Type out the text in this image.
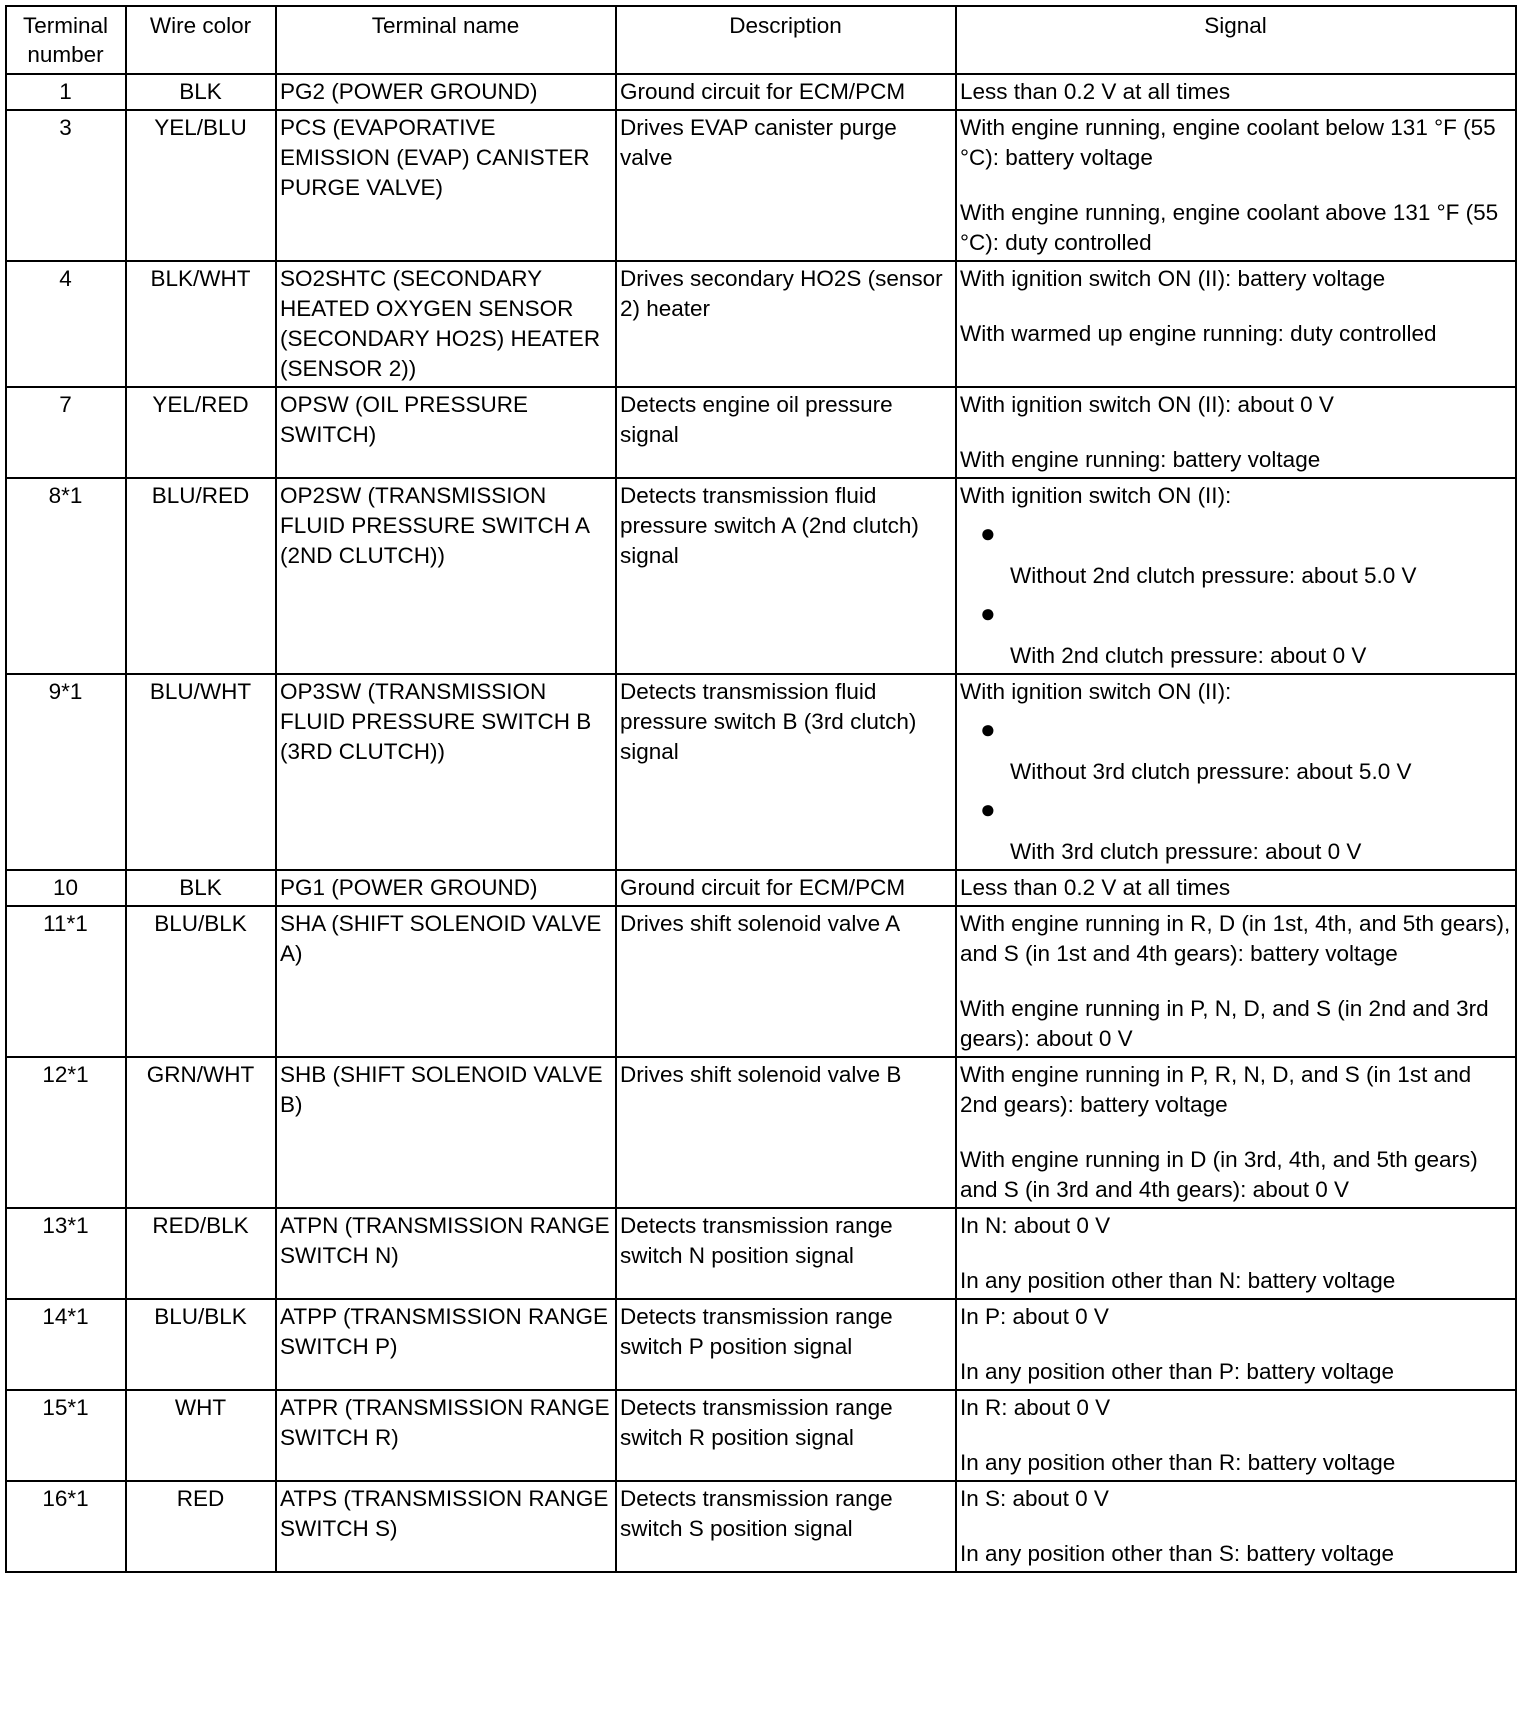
Terminal number	Wire color	Terminal name	Description	Signal
1	BLK	PG2 (POWER GROUND)	Ground circuit for ECM/PCM	Less than 0.2 V at all times

3	YEL/BLU	PCS (EVAPORATIVE EMISSION (EVAP) CANISTER PURGE VALVE)	Drives EVAP canister purge valve	With engine running, engine coolant below 131 °F (55 °C): battery voltage
With engine running, engine coolant above 131 °F (55 °C): duty controlled

4	BLK/WHT	SO2SHTC (SECONDARY HEATED OXYGEN SENSOR (SECONDARY HO2S) HEATER (SENSOR 2))	Drives secondary HO2S (sensor 2) heater	With ignition switch ON (II): battery voltage
With warmed up engine running: duty controlled

7	YEL/RED	OPSW (OIL PRESSURE SWITCH)	Detects engine oil pressure signal	With ignition switch ON (II): about 0 V
With engine running: battery voltage

8*1	BLU/RED	OP2SW (TRANSMISSION FLUID PRESSURE SWITCH A (2ND CLUTCH))	Detects transmission fluid pressure switch A (2nd clutch) signal	With ignition switch ON (II):
●
Without 2nd clutch pressure: about 5.0 V
●
With 2nd clutch pressure: about 0 V

9*1	BLU/WHT	OP3SW (TRANSMISSION FLUID PRESSURE SWITCH B (3RD CLUTCH))	Detects transmission fluid pressure switch B (3rd clutch) signal	With ignition switch ON (II):
●
Without 3rd clutch pressure: about 5.0 V
●
With 3rd clutch pressure: about 0 V

10	BLK	PG1 (POWER GROUND)	Ground circuit for ECM/PCM	Less than 0.2 V at all times

11*1	BLU/BLK	SHA (SHIFT SOLENOID VALVE A)	Drives shift solenoid valve A	With engine running in R, D (in 1st, 4th, and 5th gears), and S (in 1st and 4th gears): battery voltage
With engine running in P, N, D, and S (in 2nd and 3rd gears): about 0 V

12*1	GRN/WHT	SHB (SHIFT SOLENOID VALVE B)	Drives shift solenoid valve B	With engine running in P, R, N, D, and S (in 1st and 2nd gears): battery voltage
With engine running in D (in 3rd, 4th, and 5th gears) and S (in 3rd and 4th gears): about 0 V

13*1	RED/BLK	ATPN (TRANSMISSION RANGE SWITCH N)	Detects transmission range switch N position signal	In N: about 0 V
In any position other than N: battery voltage

14*1	BLU/BLK	ATPP (TRANSMISSION RANGE SWITCH P)	Detects transmission range switch P position signal	In P: about 0 V
In any position other than P: battery voltage

15*1	WHT	ATPR (TRANSMISSION RANGE SWITCH R)	Detects transmission range switch R position signal	In R: about 0 V
In any position other than R: battery voltage

16*1	RED	ATPS (TRANSMISSION RANGE SWITCH S)	Detects transmission range switch S position signal	In S: about 0 V
In any position other than S: battery voltage
